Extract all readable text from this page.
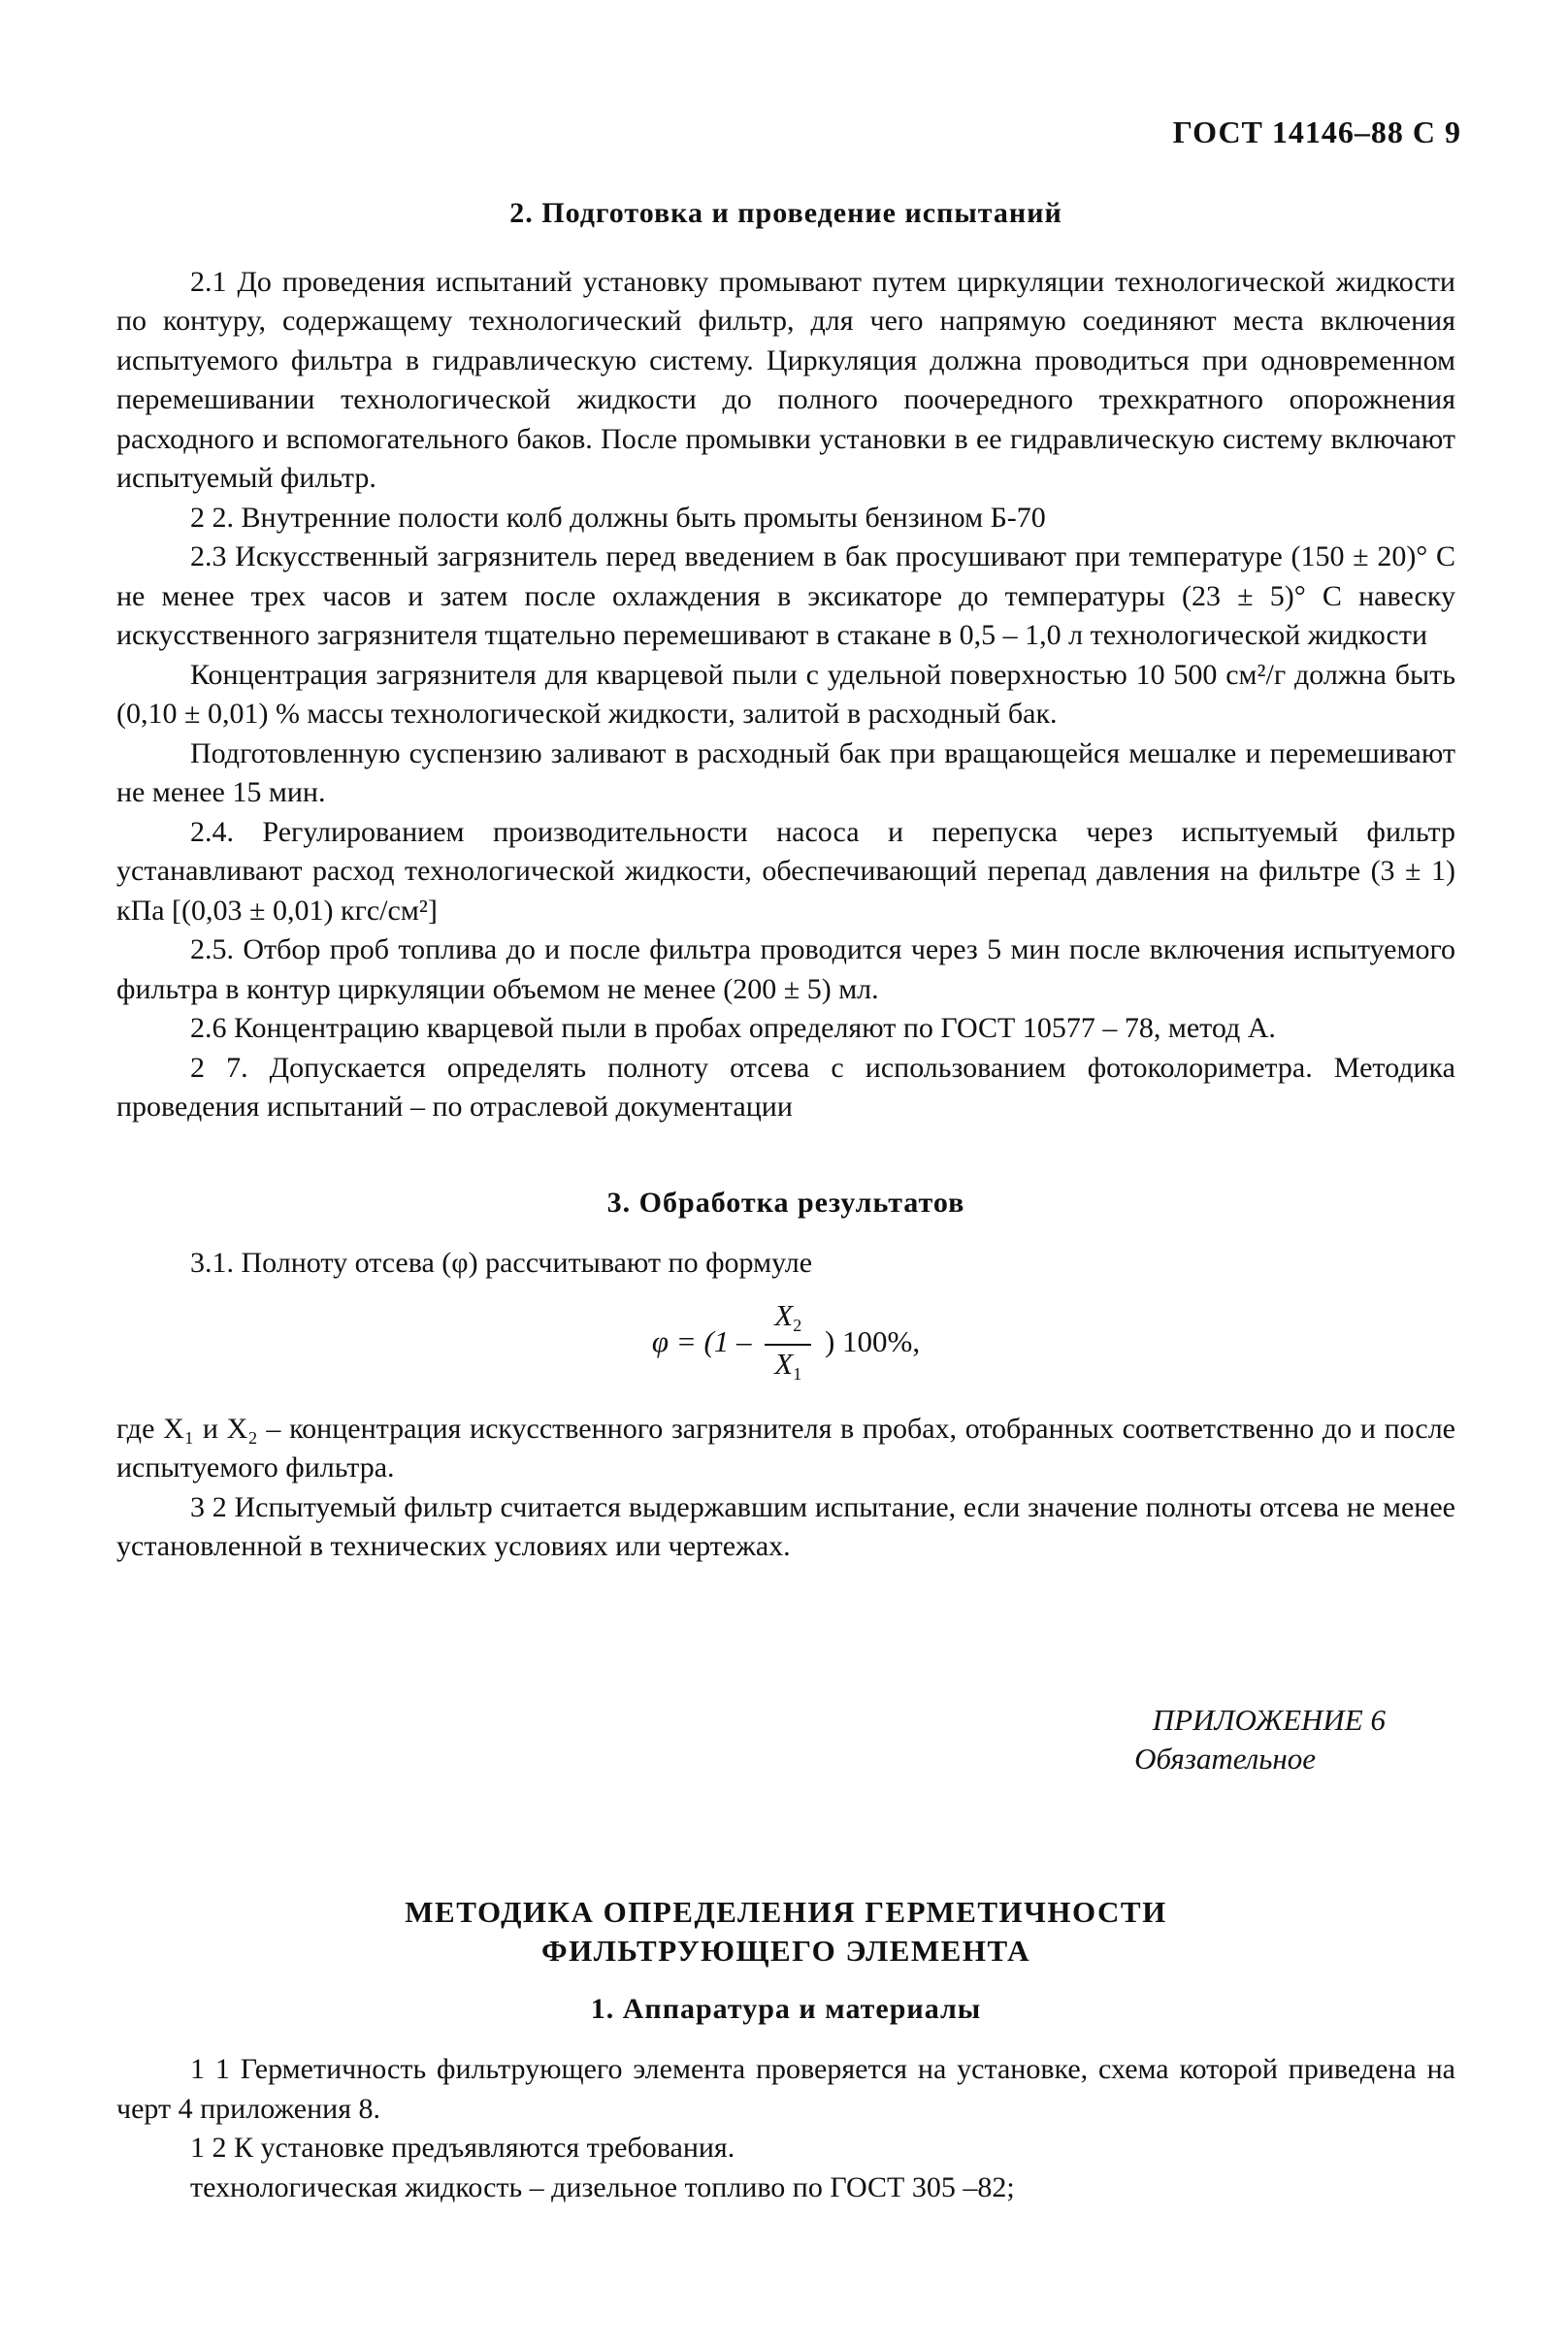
ГОСТ 14146–88 С 9
2. Подготовка и проведение испытаний

2.1 До проведения испытаний установку промывают путем циркуляции технологической жидкости по контуру, содержащему технологический фильтр, для чего напрямую соединяют места включения испытуемого фильтра в гидравлическую систему. Циркуляция должна проводиться при одновременном перемешивании технологической жидкости до полного поочередного трехкратного опорожнения расходного и вспомогательного баков. После промывки установки в ее гидравлическую систему включают испытуемый фильтр.

2 2. Внутренние полости колб должны быть промыты бензином Б-70

2.3 Искусственный загрязнитель перед введением в бак просушивают при температуре (150 ± 20)° С не менее трех часов и затем после охлаждения в эксикаторе до температуры (23 ± 5)° С навеску искусственного загрязнителя тщательно перемешивают в стакане в 0,5 – 1,0 л технологической жидкости

Концентрация загрязнителя для кварцевой пыли с удельной поверхностью 10 500 см²/г должна быть (0,10 ± 0,01) % массы технологической жидкости, залитой в расходный бак.

Подготовленную суспензию заливают в расходный бак при вращающейся мешалке и перемешивают не менее 15 мин.

2.4. Регулированием производительности насоса и перепуска через испытуемый фильтр устанавливают расход технологической жидкости, обеспечивающий перепад давления на фильтре (3 ± 1) кПа [(0,03 ± 0,01) кгс/см²]

2.5. Отбор проб топлива до и после фильтра проводится через 5 мин после включения испытуемого фильтра в контур циркуляции объемом не менее (200 ± 5) мл.

2.6 Концентрацию кварцевой пыли в пробах определяют по ГОСТ 10577 – 78, метод А.

2 7. Допускается определять полноту отсева с использованием фотоколориметра. Методика проведения испытаний – по отраслевой документации

3. Обработка результатов

3.1. Полноту отсева (φ) рассчитывают по формуле

$\varphi = (1 - \frac{X2}{X1}$ ) 100%,

где X₁ и X₂ – концентрация искусственного загрязнителя в пробах, отобранных соответственно до и после испытуемого фильтра.

3 2 Испытуемый фильтр считается выдержавшим испытание, если значение полноты отсева не менее установленной в технических условиях или чертежах.

ПРИЛОЖЕНИЕ 6
Обязательное
МЕТОДИКА ОПРЕДЕЛЕНИЯ ГЕРМЕТИЧНОСТИ
ФИЛЬТРУЮЩЕГО ЭЛЕМЕНТА
1. Аппаратура и материалы

1 1 Герметичность фильтрующего элемента проверяется на установке, схема которой приведена на черт 4 приложения 8.

1 2 К установке предъявляются требования.

технологическая жидкость – дизельное топливо по ГОСТ 305 –82;
